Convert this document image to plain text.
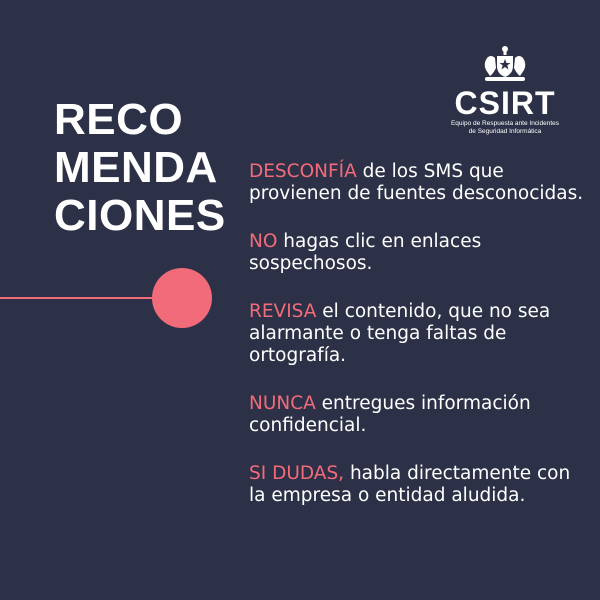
RECO
MENDA
CIONES
CSIRT
Equipo de Respuesta ante Incidentes
de Seguridad Informática

DESCONFÍA de los SMS que provienen de fuentes desconocidas.

NO hagas clic en enlaces sospechosos.

REVISA el contenido, que no sea alarmante o tenga faltas de ortografía.

NUNCA entregues información confidencial.

SI DUDAS, habla directamente con la empresa o entidad aludida.
